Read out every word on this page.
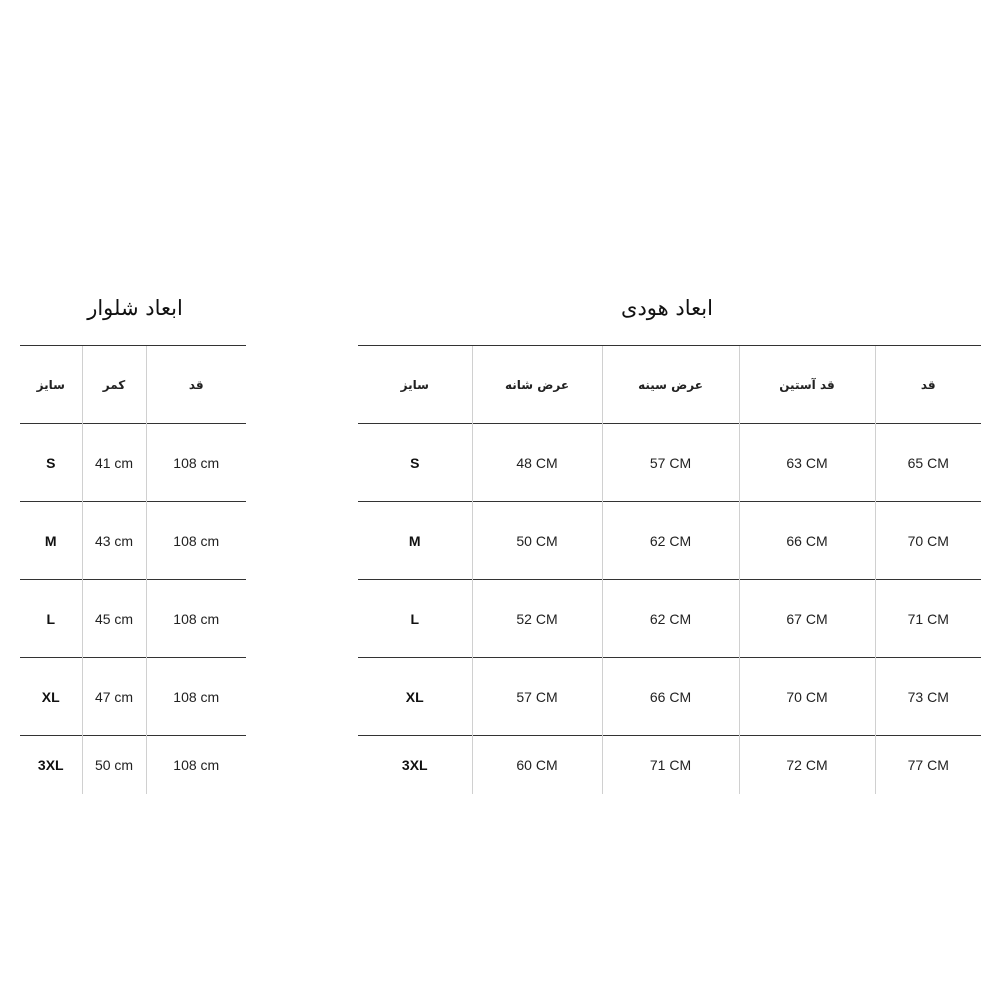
ابعاد شلوار
سایز	کمر	قد
S	41 cm	108 cm
M	43 cm	108 cm
L	45 cm	108 cm
XL	47 cm	108 cm
3XL	50 cm	108 cm
ابعاد هودی
سایز	عرض شانه	عرض سینه	قد آستین	قد
S	48 CM	57 CM	63 CM	65 CM
M	50 CM	62 CM	66 CM	70 CM
L	52 CM	62 CM	67 CM	71 CM
XL	57 CM	66 CM	70 CM	73 CM
3XL	60 CM	71 CM	72 CM	77 CM
